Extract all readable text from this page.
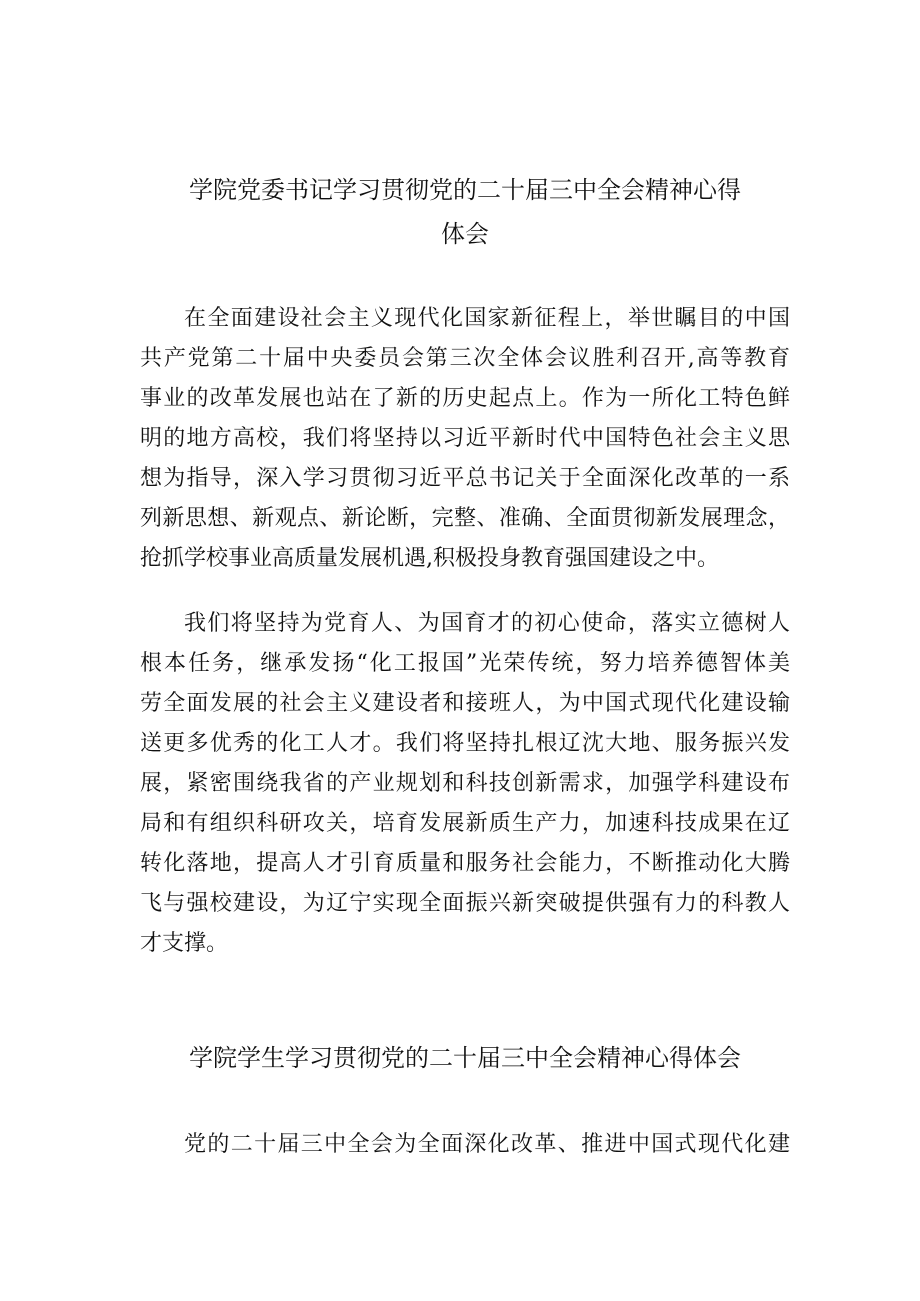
学院党委书记学习贯彻党的二十届三中全会精神心得
体会
在全面建设社会主义现代化国家新征程上，举世瞩目的中国
共产党第二十届中央委员会第三次全体会议胜利召开,高等教育
事业的改革发展也站在了新的历史起点上。作为一所化工特色鲜
明的地方高校，我们将坚持以习近平新时代中国特色社会主义思
想为指导，深入学习贯彻习近平总书记关于全面深化改革的一系
列新思想、新观点、新论断，完整、准确、全面贯彻新发展理念，
抢抓学校事业高质量发展机遇,积极投身教育强国建设之中。
我们将坚持为党育人、为国育才的初心使命，落实立德树人
根本任务，继承发扬“化工报国”光荣传统，努力培养德智体美
劳全面发展的社会主义建设者和接班人，为中国式现代化建设输
送更多优秀的化工人才。我们将坚持扎根辽沈大地、服务振兴发
展，紧密围绕我省的产业规划和科技创新需求，加强学科建设布
局和有组织科研攻关，培育发展新质生产力，加速科技成果在辽
转化落地，提高人才引育质量和服务社会能力，不断推动化大腾
飞与强校建设，为辽宁实现全面振兴新突破提供强有力的科教人
才支撑。
学院学生学习贯彻党的二十届三中全会精神心得体会
党的二十届三中全会为全面深化改革、推进中国式现代化建
